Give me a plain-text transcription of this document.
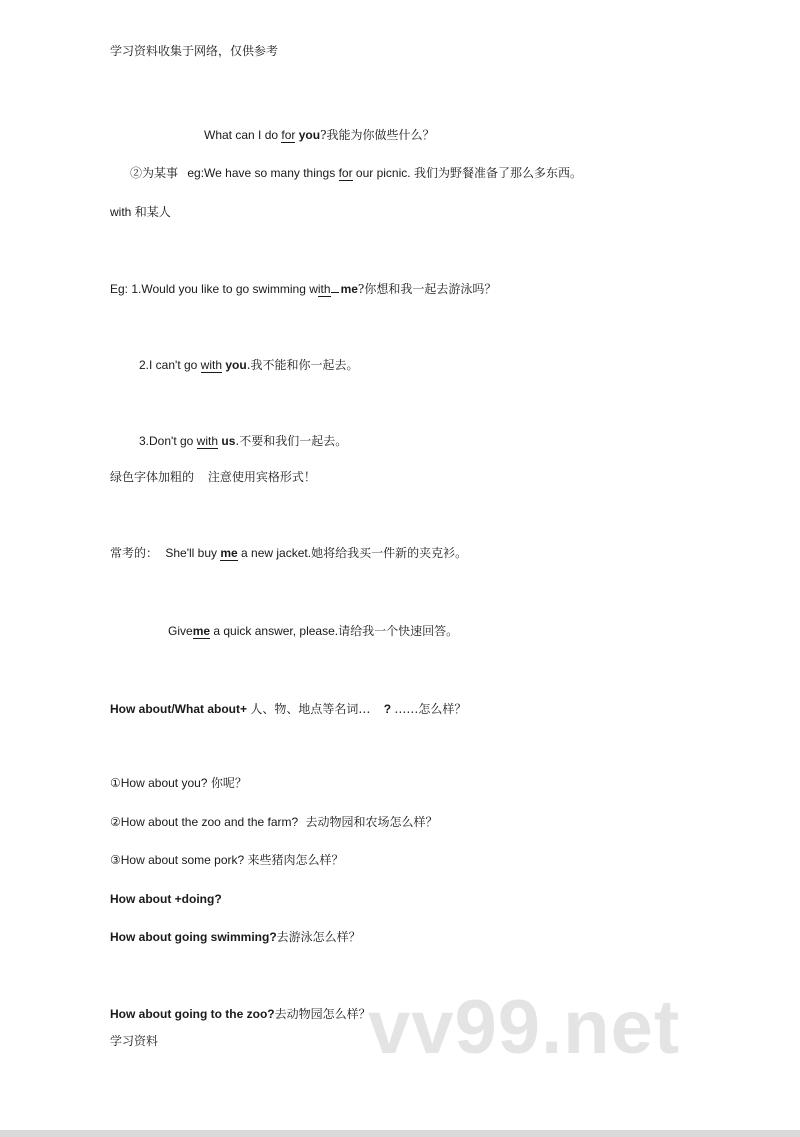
学习资料收集于网络，仅供参考
What can I do for you?我能为你做些什么？
②为某事 eg:We have so many things for our picnic. 我们为野餐准备了那么多东西。
with 和某人
Eg: 1.Would you like to go swimming with me?你想和我一起去游泳吗？
2.I can't go with you.我不能和你一起去。
3.Don't go with us.不要和我们一起去。
绿色字体加粗的 注意使用宾格形式！
常考的： She'll buy me a new jacket.她将给我买一件新的夹克衫。
Giveme a quick answer, please.请给我一个快速回答。
How about/What about+ 人、物、地点等名词… ? ……怎么样？
①How about you? 你呢？
②How about the zoo and the farm? 去动物园和农场怎么样？
③How about some pork? 来些猪肉怎么样？
How about +doing?
How about going swimming?去游泳怎么样？
vv99.net
How about going to the zoo?去动物园怎么样？
学习资料
